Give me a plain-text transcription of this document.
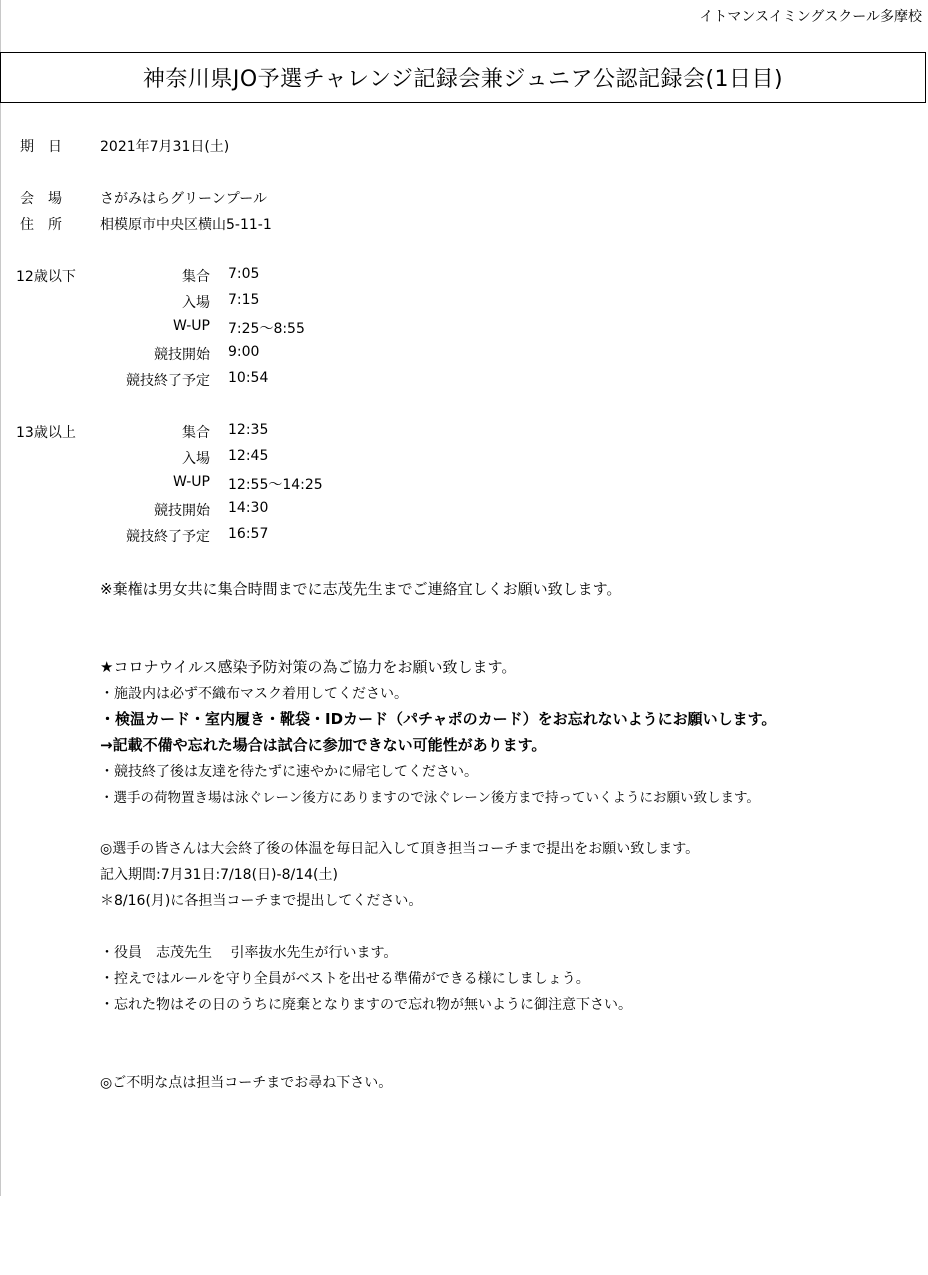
イトマンスイミングスクール多摩校
神奈川県JO予選チャレンジ記録会兼ジュニア公認記録会(1日目)
期　日	2021年7月31日(土)
会　場	さがみはらグリーンプール
住　所	相模原市中央区横山5-11-1
12歳以下	集合 7:05
入場 7:15
W-UP 7:25〜8:55
競技開始 9:00
競技終了予定 10:54
13歳以上	集合 12:35
入場 12:45
W-UP 12:55〜14:25
競技開始 14:30
競技終了予定 16:57
※棄権は男女共に集合時間までに志茂先生までご連絡宜しくお願い致します。
★コロナウイルス感染予防対策の為ご協力をお願い致します。
・施設内は必ず不織布マスク着用してください。
・検温カード・室内履き・靴袋・IDカード（パチャポのカード）をお忘れないようにお願いします。
→記載不備や忘れた場合は試合に参加できない可能性があります。
・競技終了後は友達を待たずに速やかに帰宅してください。
・選手の荷物置き場は泳ぐレーン後方にありますので泳ぐレーン後方まで持っていくようにお願い致します。
◎選手の皆さんは大会終了後の体温を毎日記入して頂き担当コーチまで提出をお願い致します。
記入期間:7月31日:7/18(日)-8/14(土)
＊8/16(月)に各担当コーチまで提出してください。
・役員　志茂先生　 引率抜水先生が行います。
・控えではルールを守り全員がベストを出せる準備ができる様にしましょう。
・忘れた物はその日のうちに廃棄となりますので忘れ物が無いように御注意下さい。
◎ご不明な点は担当コーチまでお尋ね下さい。
